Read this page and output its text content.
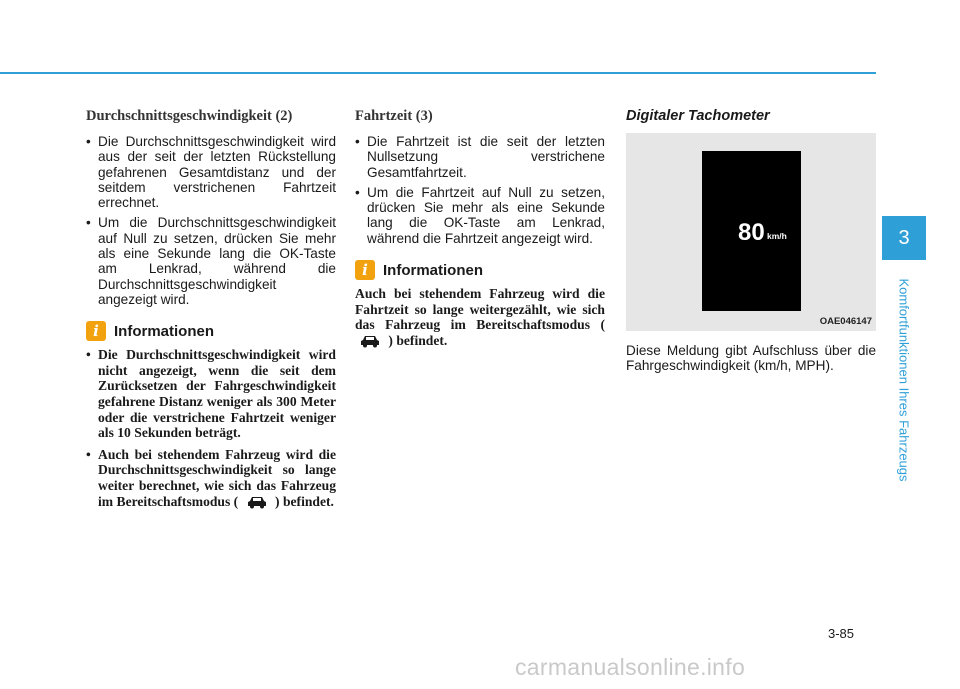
Durchschnittsgeschwindigkeit (2)
• Die Durchschnittsgeschwindigkeit wird aus der seit der letzten Rückstellung gefahrenen Gesamtdistanz und der seitdem verstrichenen Fahrtzeit errechnet.
• Um die Durchschnittsgeschwindigkeit auf Null zu setzen, drücken Sie mehr als eine Sekunde lang die OK-Taste am Lenkrad, während die Durchschnittsgeschwindigkeit angezeigt wird.
i	Informationen
• Die Durchschnittsgeschwindigkeit wird nicht angezeigt, wenn die seit dem Zurücksetzen der Fahrgeschwindigkeit gefahrene Distanz weniger als 300 Meter oder die verstrichene Fahrtzeit weniger als 10 Sekunden beträgt.
• Auch bei stehendem Fahrzeug wird die Durchschnittsgeschwindigkeit so lange weiter berechnet, wie sich das Fahrzeug im Bereitschaftsmodus (	) befindet.
Fahrtzeit (3)
• Die Fahrtzeit ist die seit der letzten Nullsetzung verstrichene Gesamtfahrtzeit.
• Um die Fahrtzeit auf Null zu setzen, drücken Sie mehr als eine Sekunde lang die OK-Taste am Lenkrad, während die Fahrtzeit angezeigt wird.
i	Informationen

Auch bei stehendem Fahrzeug wird die Fahrtzeit so lange weitergezählt, wie sich das Fahrzeug im Bereitschaftsmodus (  ) befindet.

Digitaler Tachometer
80 km/h
OAE046147

Diese Meldung gibt Aufschluss über die Fahrgeschwindigkeit (km/h, MPH).

3
Komfortfunktionen Ihres Fahrzeugs
3-85
carmanualsonline.info
